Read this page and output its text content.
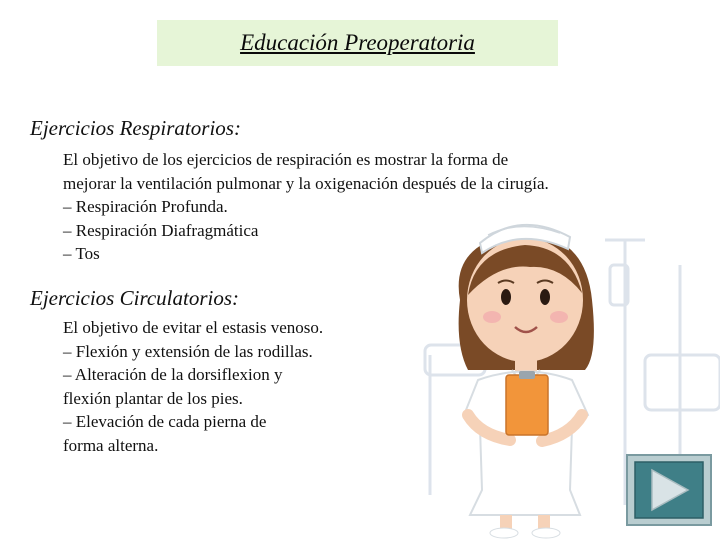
Educación Preoperatoria
Ejercicios Respiratorios:
El objetivo de los ejercicios de respiración es mostrar la forma de
mejorar la ventilación pulmonar y la oxigenación después de la cirugía.
– Respiración Profunda.
– Respiración Diafragmática
– Tos
Ejercicios Circulatorios:
El objetivo de evitar el estasis venoso.
– Flexión y extensión de las rodillas.
– Alteración de la dorsiflexion y
flexión plantar de los pies.
– Elevación de cada pierna de
forma alterna.
